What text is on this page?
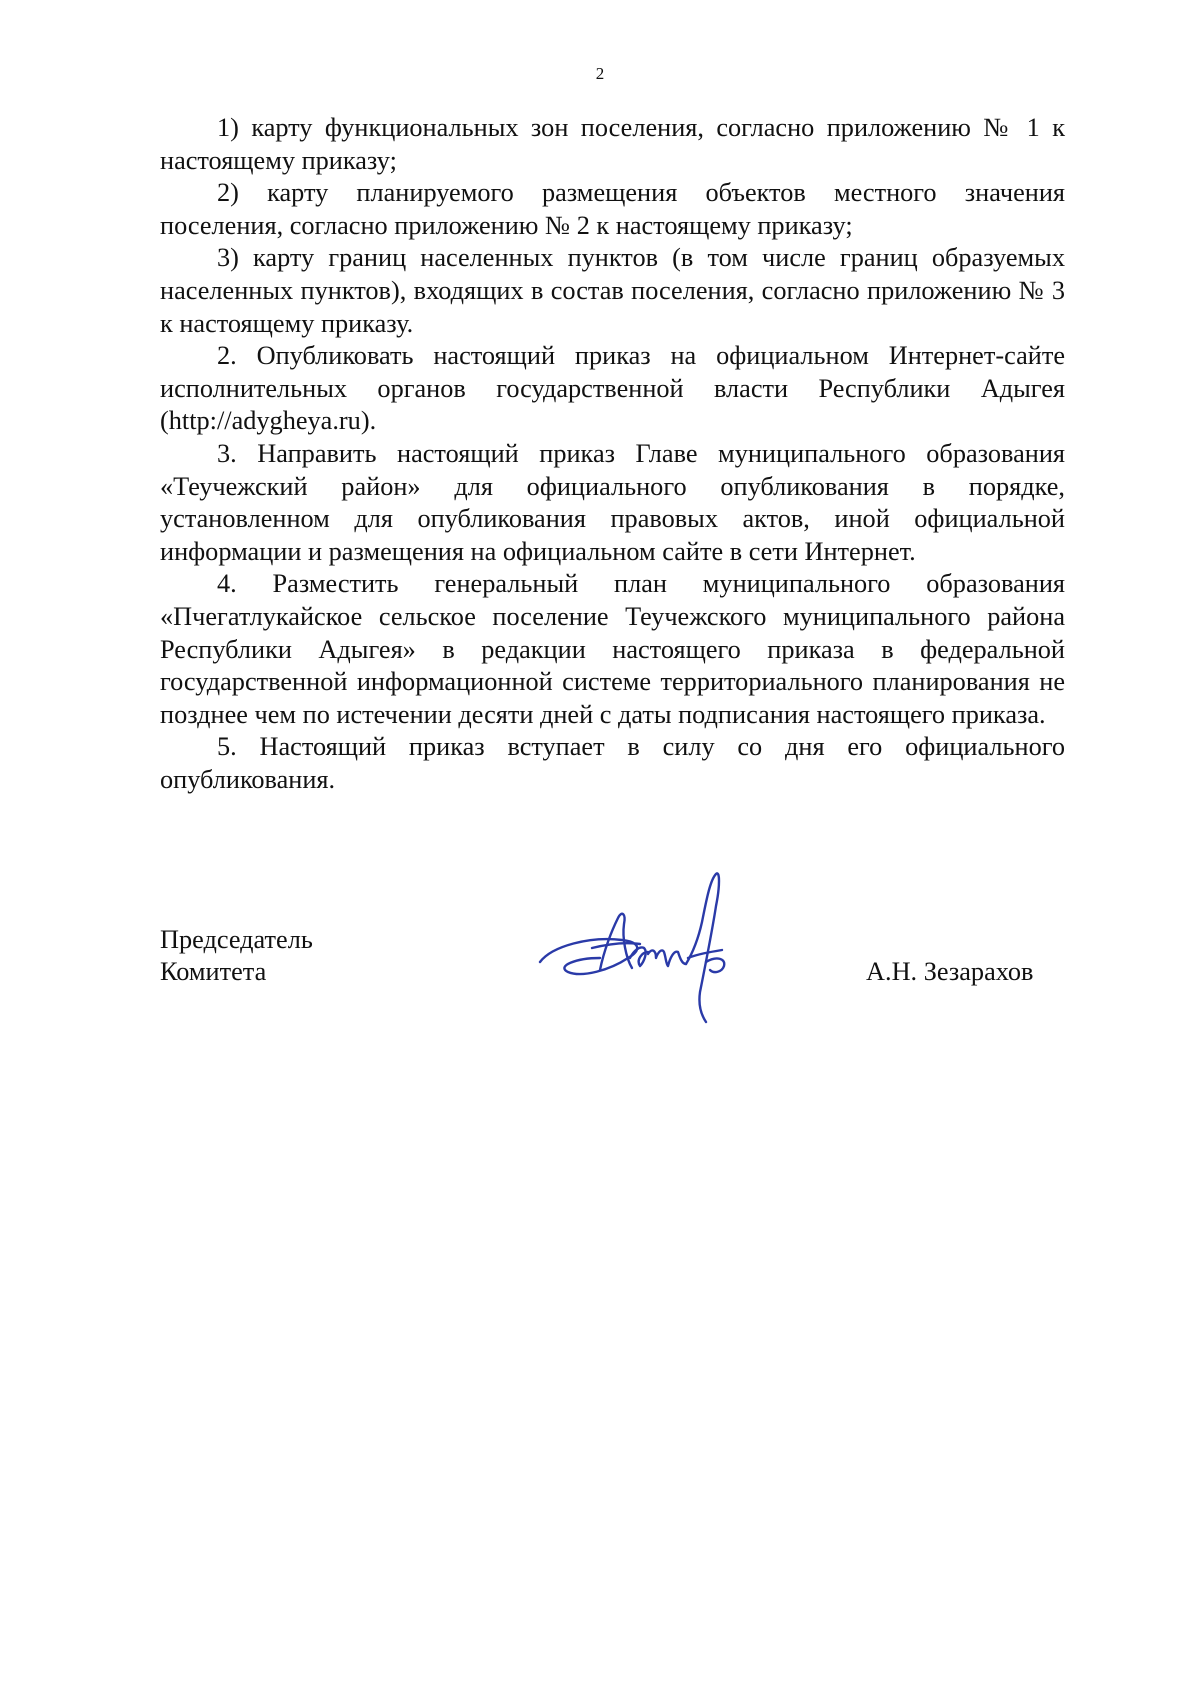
2

1) карту функциональных зон поселения, согласно приложению № 1 к настоящему приказу;

2) карту планируемого размещения объектов местного значения поселения, согласно приложению № 2 к настоящему приказу;

3) карту границ населенных пунктов (в том числе границ образуемых населенных пунктов), входящих в состав поселения, согласно приложению № 3 к настоящему приказу.

2. Опубликовать настоящий приказ на официальном Интернет-сайте исполнительных органов государственной власти Республики Адыгея (http://adygheya.ru).

3. Направить настоящий приказ Главе муниципального образования «Теучежский район» для официального опубликования в порядке, установленном для опубликования правовых актов, иной официальной информации и размещения на официальном сайте в сети Интернет.

4. Разместить генеральный план муниципального образования «Пчегатлукайское сельское поселение Теучежского муниципального района Республики Адыгея» в редакции настоящего приказа в федеральной государственной информационной системе территориального планирования не позднее чем по истечении десяти дней с даты подписания настоящего приказа.

5. Настоящий приказ вступает в силу со дня его официального опубликования.

Председатель
Комитета	А.Н. Зезарахов
